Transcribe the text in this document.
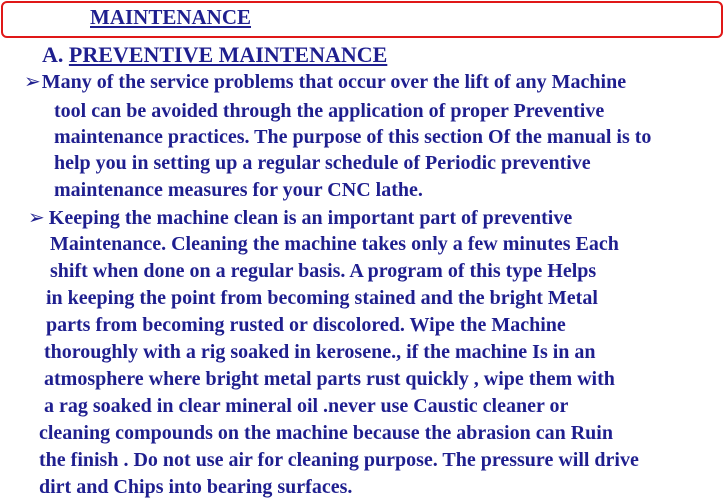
MAINTENANCE
A. PREVENTIVE MAINTENANCE
➢Many of the service problems that occur over the lift of any Machine
tool can be avoided through the application of proper Preventive
maintenance practices. The purpose of this section Of the manual is to
help you in setting up a regular schedule of Periodic preventive
maintenance measures for your CNC lathe.
➢ Keeping the machine clean is an important part of preventive
Maintenance. Cleaning the machine takes only a few minutes Each
shift when done on a regular basis. A program of this type Helps
in keeping the point from becoming stained and the bright Metal
parts from becoming rusted or discolored. Wipe the Machine
thoroughly with a rig soaked in kerosene., if the machine Is in an
atmosphere where bright metal parts rust quickly , wipe them with
a rag soaked in clear mineral oil .never use Caustic cleaner or
cleaning compounds on the machine because the abrasion can Ruin
the finish . Do not use air for cleaning purpose. The pressure will drive
dirt and Chips into bearing surfaces.
